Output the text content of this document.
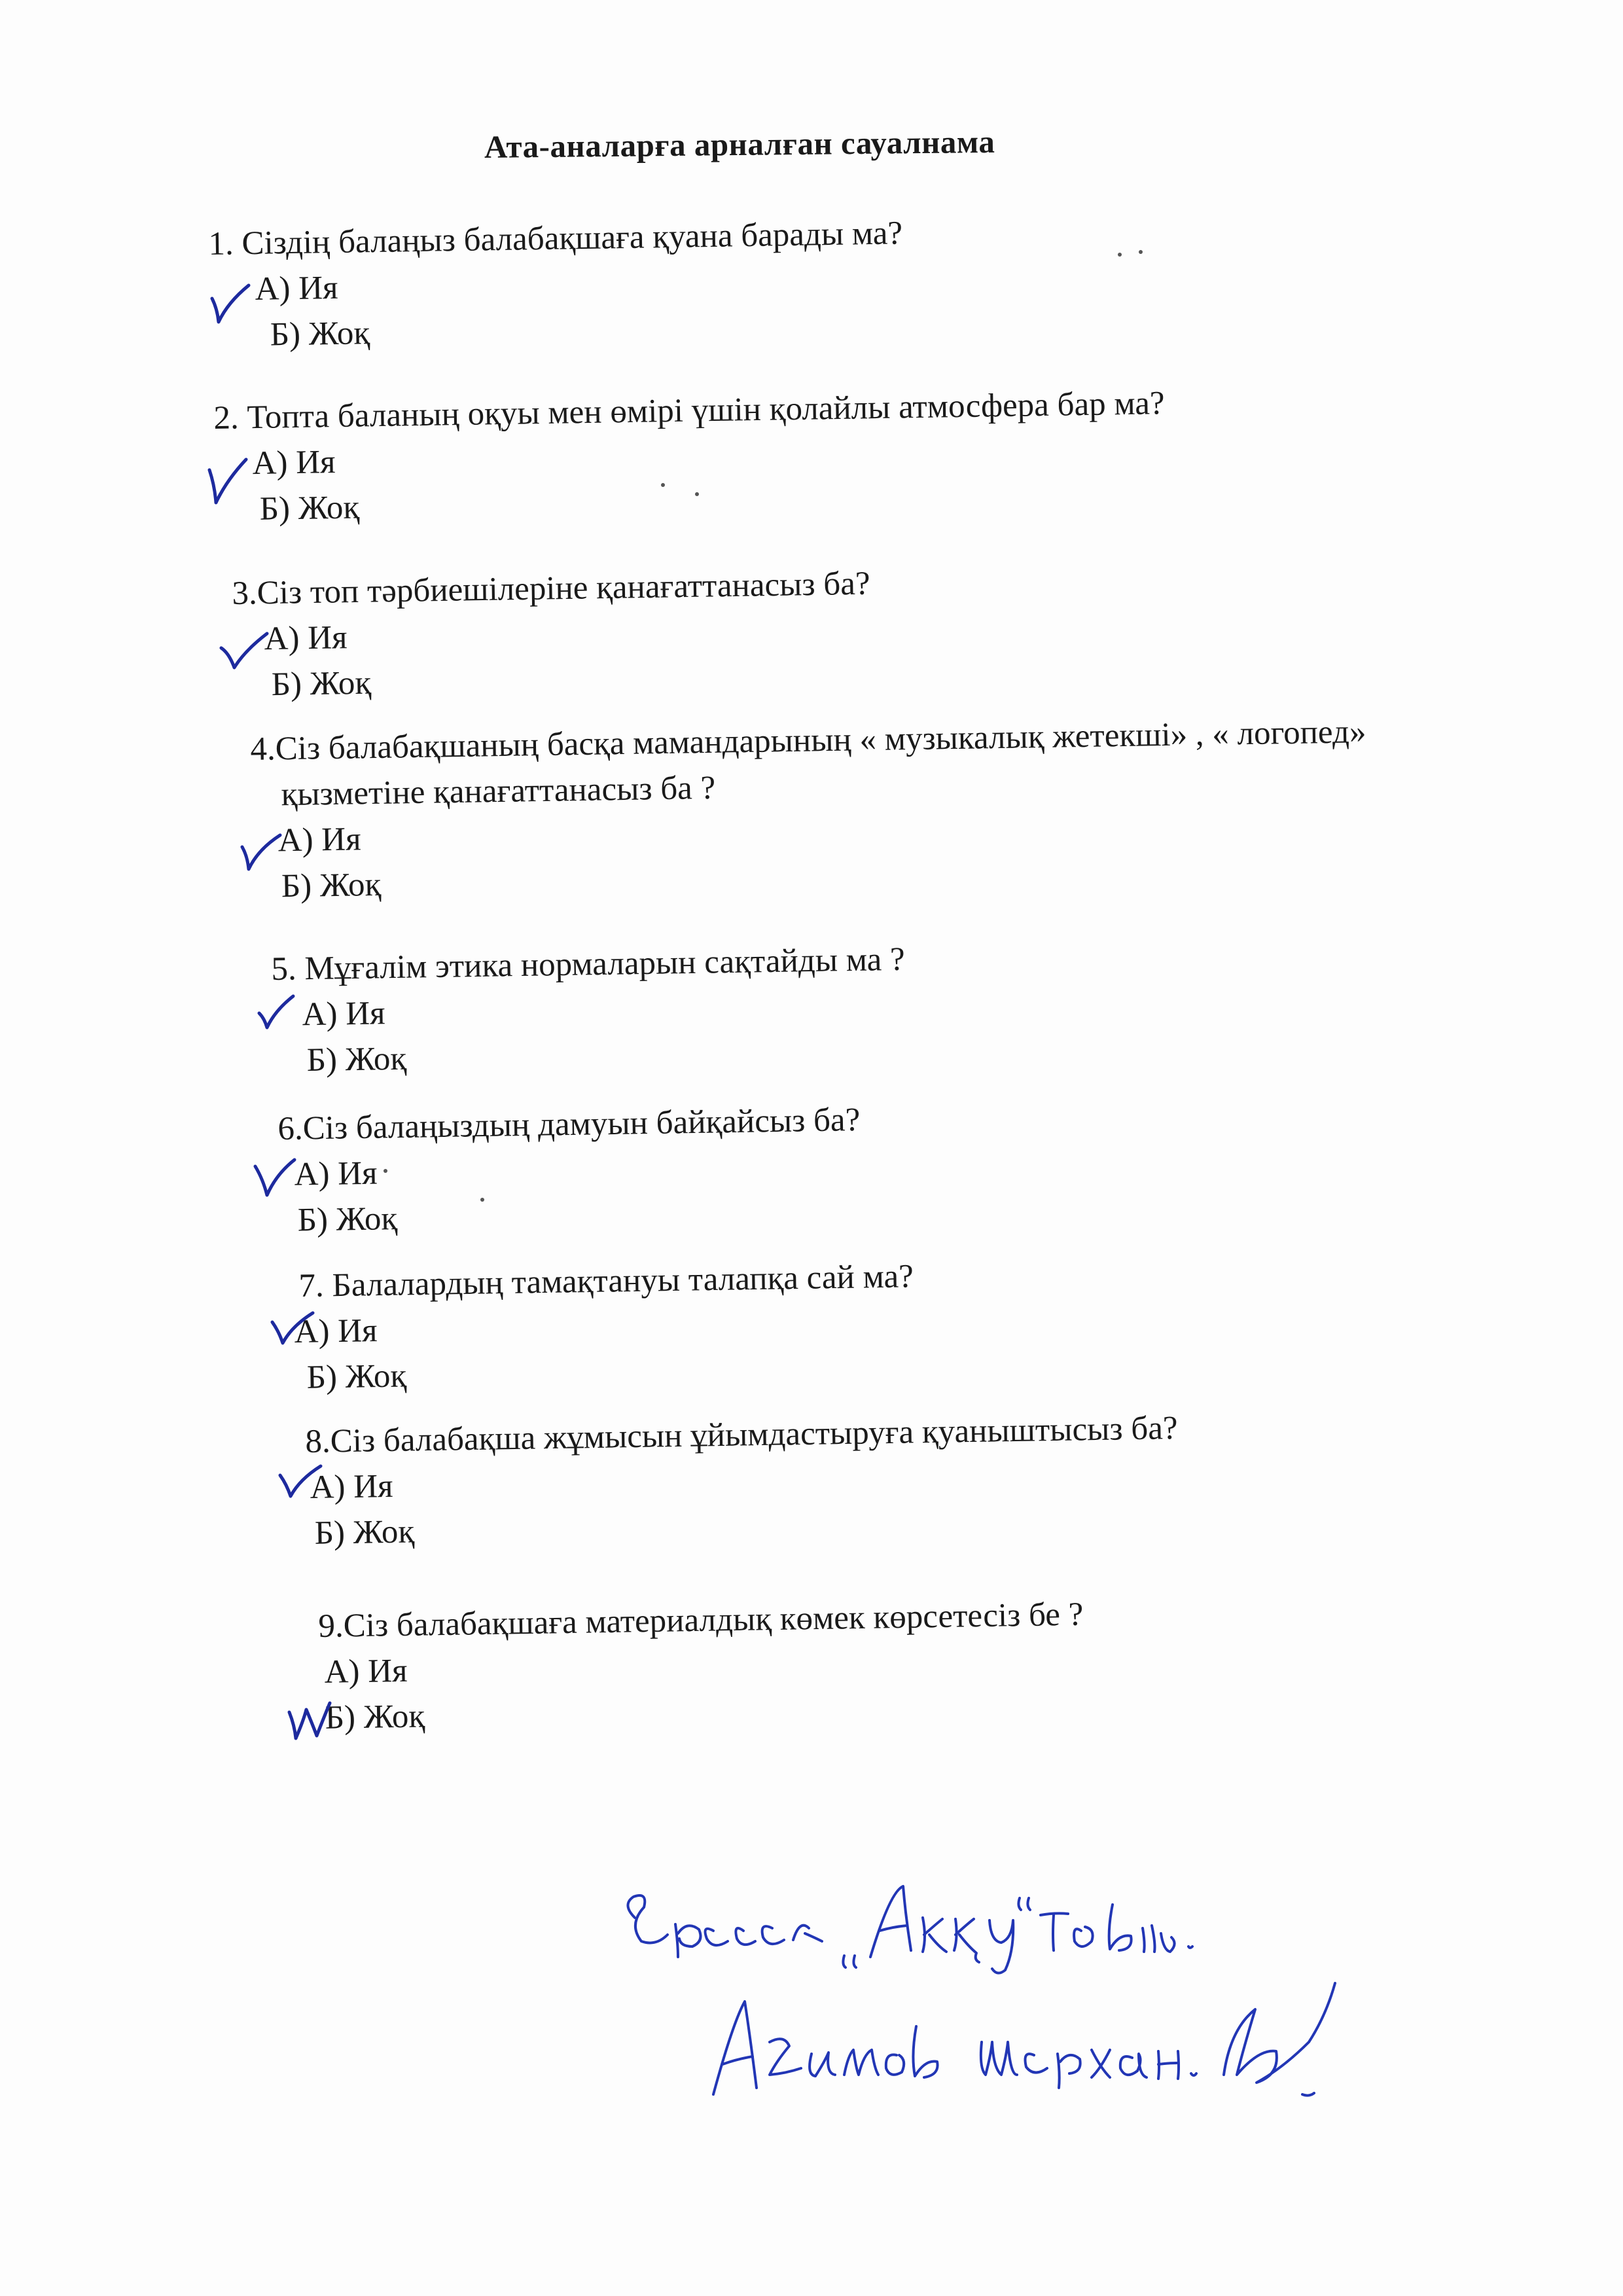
Ата-аналарға арналған сауалнама
1. Сіздің балаңыз балабақшаға қуана барады ма?
А) Ия
Б) Жоқ
2. Топта баланың оқуы мен өмірі үшін қолайлы атмосфера бар ма?
А) Ия
Б) Жоқ
3.Сіз топ тәрбиешілеріне қанағаттанасыз ба?
А) Ия
Б) Жоқ
4.Сіз балабақшаның басқа мамандарының « музыкалық жетекші» , « логопед»
қызметіне қанағаттанасыз ба ?
А) Ия
Б) Жоқ
5. Мұғалім этика нормаларын сақтайды ма ?
А) Ия
Б) Жоқ
6.Сіз балаңыздың дамуын байқайсыз ба?
А) Ия
Б) Жоқ
7. Балалардың тамақтануы талапқа сай ма?
А) Ия
Б) Жоқ
8.Сіз балабақша жұмысын ұйымдастыруға қуаныштысыз ба?
А) Ия
Б) Жоқ
9.Сіз балабақшаға материалдық көмек көрсетесіз бе ?
А) Ия
Б) Жоқ
